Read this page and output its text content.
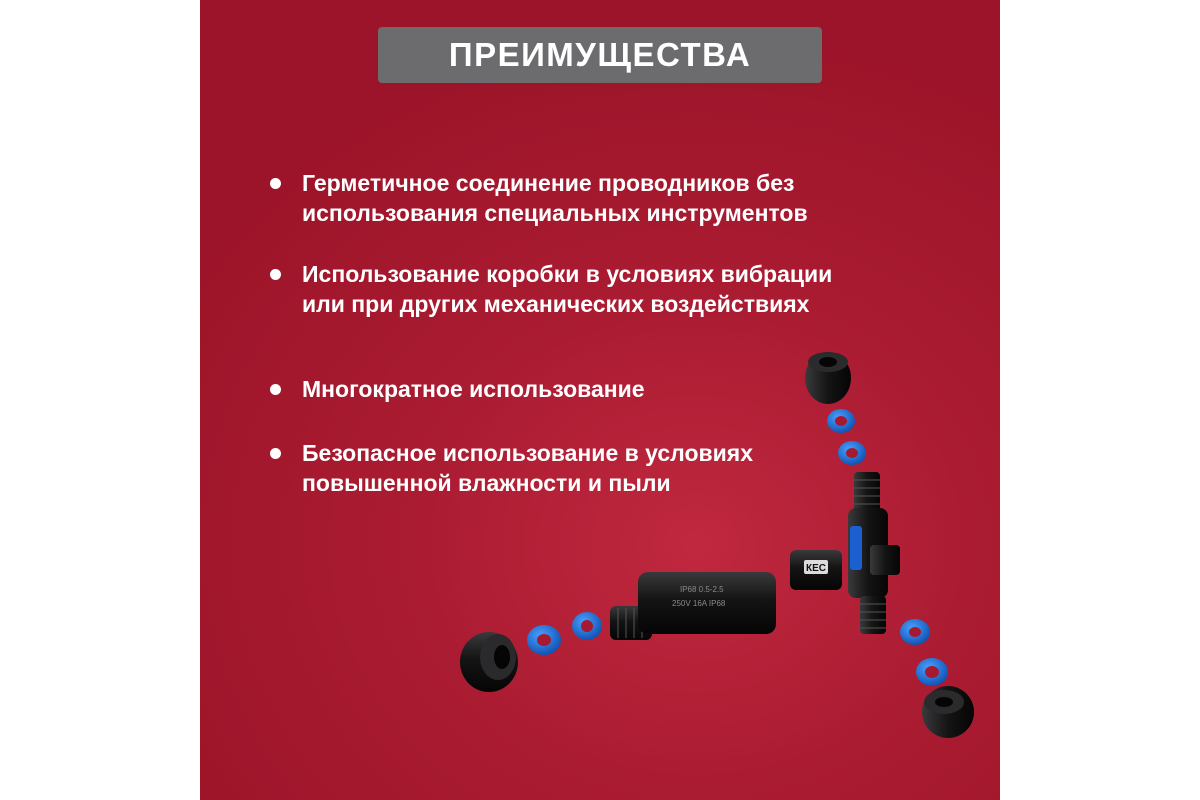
ПРЕИМУЩЕСТВА
Герметичное соединение проводников без использования специальных инструментов
Использование коробки в условиях вибрации или при других механических воздействиях
Многократное использование
Безопасное использование в условиях повышенной влажности и пыли
IP68 0.5-2.5
250V 16A IP68
КЕС
